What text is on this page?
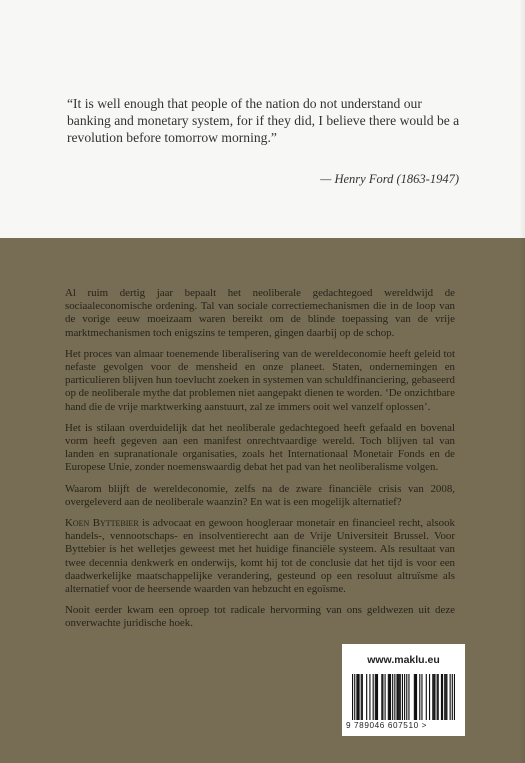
“It is well enough that people of the nation do not understand our banking and monetary system, for if they did, I believe there would be a revolution before tomorrow morning.”

— Henry Ford (1863-1947)

Al ruim dertig jaar bepaalt het neoliberale gedachtegoed wereldwijd de sociaaleconomische ordening. Tal van sociale correctiemechanismen die in de loop van de vorige eeuw moeizaam waren bereikt om de blinde toepassing van de vrije marktmechanismen toch enigszins te temperen, gingen daarbij op de schop.

Het proces van almaar toenemende liberalisering van de wereldeconomie heeft geleid tot nefaste gevolgen voor de mensheid en onze planeet. Staten, ondernemingen en particulieren blijven hun toevlucht zoeken in systemen van schuldfinanciering, gebaseerd op de neoliberale mythe dat problemen niet aangepakt dienen te worden. ‘De onzichtbare hand die de vrije marktwerking aanstuurt, zal ze immers ooit wel vanzelf oplossen’.

Het is stilaan overduidelijk dat het neoliberale gedachtegoed heeft gefaald en bovenal vorm heeft gegeven aan een manifest onrechtvaardige wereld. Toch blijven tal van landen en supranationale organisaties, zoals het Internationaal Monetair Fonds en de Europese Unie, zonder noemenswaardig debat het pad van het neoliberalisme volgen.

Waarom blijft de wereldeconomie, zelfs na de zware financiële crisis van 2008, overgeleverd aan de neoliberale waanzin? En wat is een mogelijk alternatief?

Koen Byttebier is advocaat en gewoon hoogleraar monetair en financieel recht, alsook handels-, vennootschaps- en insolventierecht aan de Vrije Universiteit Brussel. Voor Byttebier is het welletjes geweest met het huidige financiële systeem. Als resultaat van twee decennia denkwerk en onderwijs, komt hij tot de conclusie dat het tijd is voor een daadwerkelijke maatschappelijke verandering, gesteund op een resoluut altruïsme als alternatief voor de heersende waarden van hebzucht en egoïsme.

Nooit eerder kwam een oproep tot radicale hervorming van ons geldwezen uit deze onverwachte juridische hoek.

www.maklu.eu
9 789046 607510 >
